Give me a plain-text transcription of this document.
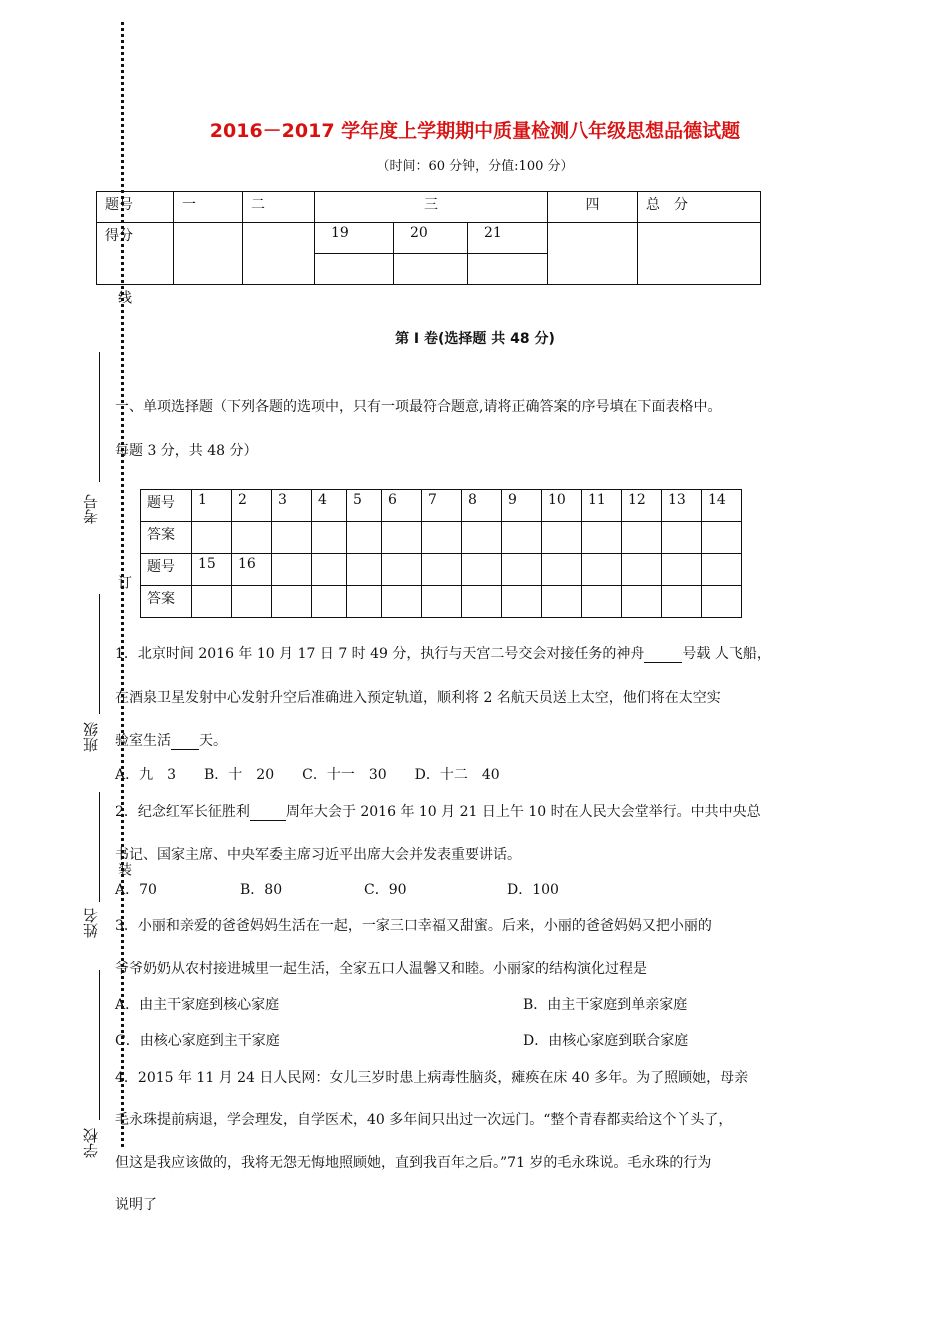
线
订
装
考号
班级
姓名
学校
2016－2017 学年度上学期期中质量检测八年级思想品德试题
（时间：60 分钟，分值:100 分）
题号	一	二	三			四	总　分
得分			19	20	21		

第 I 卷(选择题 共 48 分)
一、单项选择题（下列各题的选项中，只有一项最符合题意,请将正确答案的序号填在下面表格中。
每题 3 分，共 48 分）
题号	1	2	3	4	5	6	7	8	9	10	11	12	13	14
答案														
题号	15	16												
答案														
1．北京时间 2016 年 10 月 17 日 7 时 49 分，执行与天宫二号交会对接任务的神舟	号载 人飞船，
在酒泉卫星发射中心发射升空后准确进入预定轨道，顺利将 2 名航天员送上太空，他们将在太空实
验室生活 天。
A．九　3　　B．十　20　　C．十一　30　　D．十二　40
2．纪念红军长征胜利	周年大会于 2016 年 10 月 21 日上午 10 时在人民大会堂举行。中共中央总
书记、国家主席、中央军委主席习近平出席大会并发表重要讲话。
A．70	B．80	C．90	D．100
3．小丽和亲爱的爸爸妈妈生活在一起，一家三口幸福又甜蜜。后来，小丽的爸爸妈妈又把小丽的
爷爷奶奶从农村接进城里一起生活，全家五口人温馨又和睦。小丽家的结构演化过程是
A．由主干家庭到核心家庭	B．由主干家庭到单亲家庭
C．由核心家庭到主干家庭	D．由核心家庭到联合家庭
4．2015 年 11 月 24 日人民网：女儿三岁时患上病毒性脑炎，瘫痪在床 40 多年。为了照顾她，母亲
毛永珠提前病退，学会理发，自学医术，40 多年间只出过一次远门。“整个青春都卖给这个丫头了，
但这是我应该做的，我将无怨无悔地照顾她，直到我百年之后。”71 岁的毛永珠说。毛永珠的行为
说明了
